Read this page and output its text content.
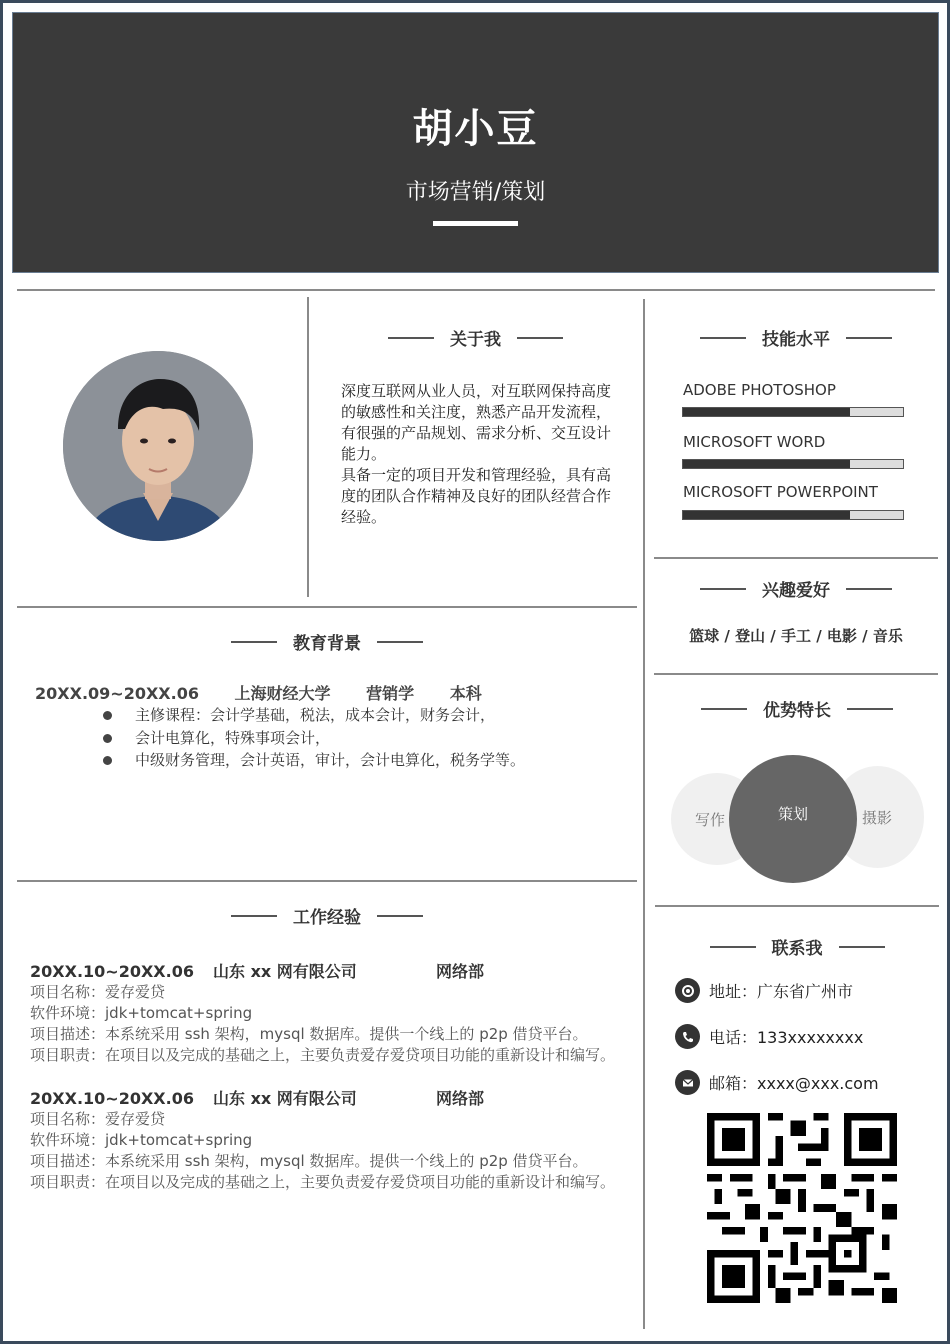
胡小豆
市场营销/策划
关于我

深度互联网从业人员，对互联网保持高度的敏感性和关注度，熟悉产品开发流程，有很强的产品规划、需求分析、交互设计能力。

具备一定的项目开发和管理经验，具有高度的团队合作精神及良好的团队经营合作经验。

技能水平
ADOBE PHOTOSHOP
MICROSOFT WORD
MICROSOFT POWERPOINT
兴趣爱好
篮球 / 登山 / 手工 / 电影 / 音乐
优势特长
写作	摄影
策划
联系我
地址：广东省广州市
电话：133xxxxxxxx
邮箱：xxxx@xxx.com
教育背景
20XX.09~20XX.06 上海财经大学 营销学 本科
主修课程：会计学基础，税法，成本会计，财务会计，
会计电算化，特殊事项会计，
中级财务管理，会计英语，审计，会计电算化，税务学等。
工作经验
20XX.10~20XX.06	山东 xx 网有限公司	网络部

项目名称：爱存爱贷

软件环境：jdk+tomcat+spring

项目描述：本系统采用 ssh 架构，mysql 数据库。提供一个线上的 p2p 借贷平台。

项目职责：在项目以及完成的基础之上，主要负责爱存爱贷项目功能的重新设计和编写。

20XX.10~20XX.06	山东 xx 网有限公司	网络部

项目名称：爱存爱贷

软件环境：jdk+tomcat+spring

项目描述：本系统采用 ssh 架构，mysql 数据库。提供一个线上的 p2p 借贷平台。

项目职责：在项目以及完成的基础之上，主要负责爱存爱贷项目功能的重新设计和编写。
